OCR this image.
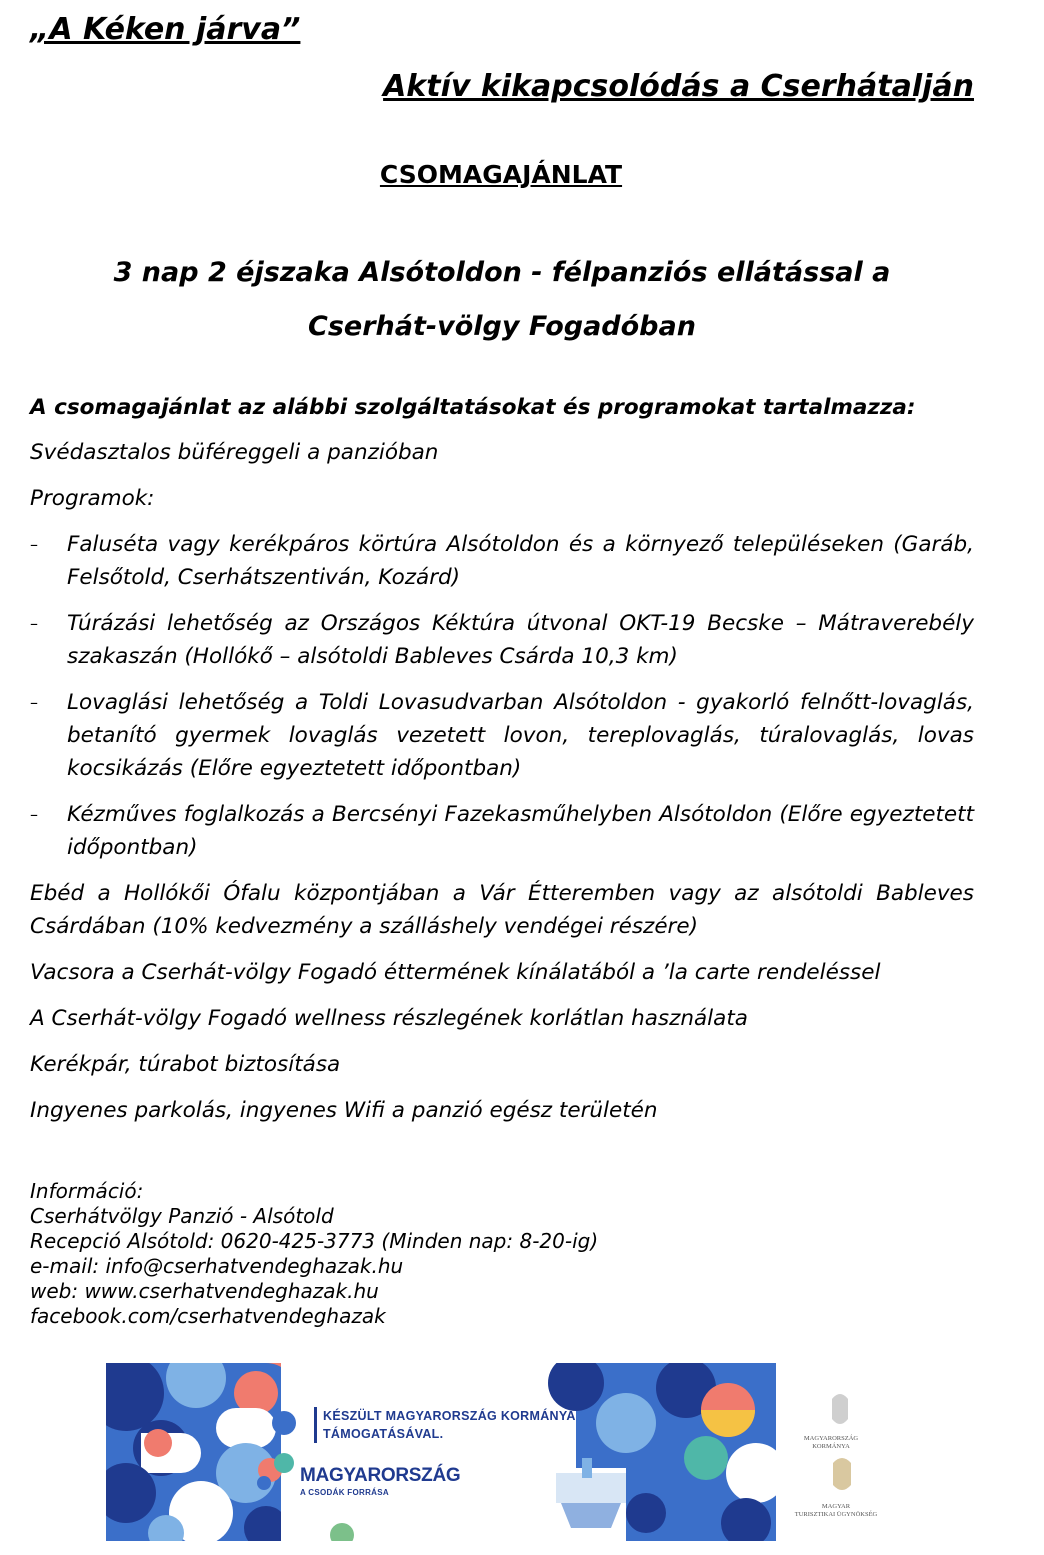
„A Kéken járva”
Aktív kikapcsolódás a Cserhátalján
CSOMAGAJÁNLAT
3 nap 2 éjszaka Alsótoldon - félpanziós ellátással a
Cserhát-völgy Fogadóban

A csomagajánlat az alábbi szolgáltatásokat és programokat tartalmazza:

Svédasztalos büféreggeli a panzióban

Programok:

– Faluséta vagy kerékpáros körtúra Alsótoldon és a környező településeken (Garáb, Felsőtold, Cserhátszentiván, Kozárd)
– Túrázási lehetőség az Országos Kéktúra útvonal OKT-19 Becske – Mátraverebély szakaszán (Hollókő – alsótoldi Bableves Csárda 10,3 km)
– Lovaglási lehetőség a Toldi Lovasudvarban Alsótoldon - gyakorló felnőtt-lovaglás, betanító gyermek lovaglás vezetett lovon, tereplovaglás, túralovaglás, lovas kocsikázás (Előre egyeztetett időpontban)
– Kézműves foglalkozás a Bercsényi Fazekasműhelyben Alsótoldon (Előre egyeztetett időpontban)

Ebéd a Hollókői Ófalu központjában a Vár Étteremben vagy az alsótoldi Bableves Csárdában (10% kedvezmény a szálláshely vendégei részére)

Vacsora a Cserhát-völgy Fogadó éttermének kínálatából a ’la carte rendeléssel

A Cserhát-völgy Fogadó wellness részlegének korlátlan használata

Kerékpár, túrabot biztosítása

Ingyenes parkolás, ingyenes Wifi a panzió egész területén

Információ:
Cserhátvölgy Panzió - Alsótold
Recepció Alsótold: 0620-425-3773 (Minden nap: 8-20-ig)
e-mail: info@cserhatvendeghazak.hu
web: www.cserhatvendeghazak.hu
facebook.com/cserhatvendeghazak
KÉSZÜLT MAGYARORSZÁG KORMÁNYA
TÁMOGATÁSÁVAL.
MAGYARORSZÁG
A CSODÁK FORRÁSA
MAGYARORSZÁG
KORMÁNYA
MAGYAR
TURISZTIKAI ÜGYNÖKSÉG
